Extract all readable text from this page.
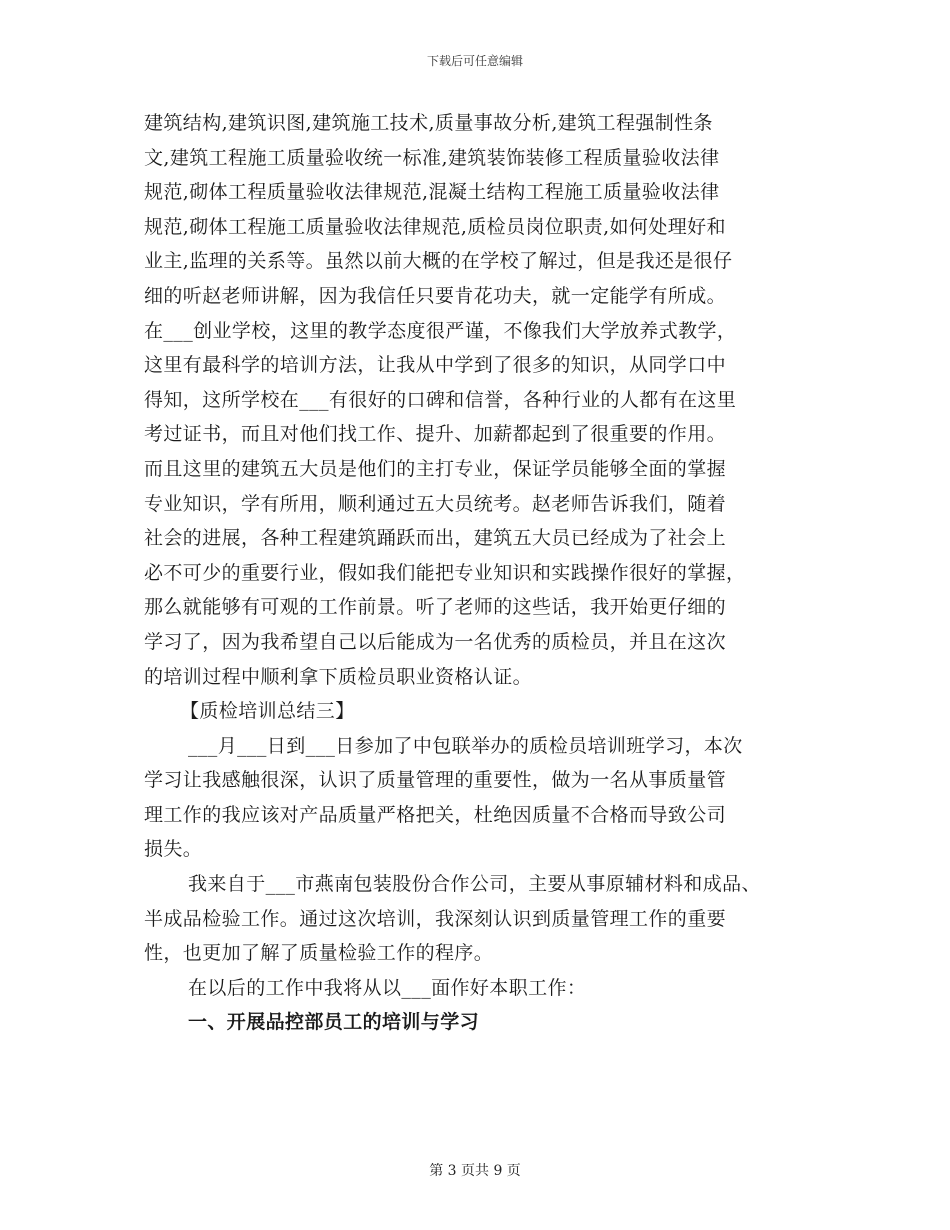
下载后可任意编辑
建筑结构,建筑识图,建筑施工技术,质量事故分析,建筑工程强制性条
文,建筑工程施工质量验收统一标准,建筑装饰装修工程质量验收法律
规范,砌体工程质量验收法律规范,混凝土结构工程施工质量验收法律
规范,砌体工程施工质量验收法律规范,质检员岗位职责,如何处理好和
业主,监理的关系等。虽然以前大概的在学校了解过，但是我还是很仔
细的听赵老师讲解，因为我信任只要肯花功夫，就一定能学有所成。
在___创业学校，这里的教学态度很严谨，不像我们大学放养式教学，
这里有最科学的培训方法，让我从中学到了很多的知识，从同学口中
得知，这所学校在___有很好的口碑和信誉，各种行业的人都有在这里
考过证书，而且对他们找工作、提升、加薪都起到了很重要的作用。
而且这里的建筑五大员是他们的主打专业，保证学员能够全面的掌握
专业知识，学有所用，顺利通过五大员统考。赵老师告诉我们，随着
社会的进展，各种工程建筑踊跃而出，建筑五大员已经成为了社会上
必不可少的重要行业，假如我们能把专业知识和实践操作很好的掌握，
那么就能够有可观的工作前景。听了老师的这些话，我开始更仔细的
学习了，因为我希望自己以后能成为一名优秀的质检员，并且在这次
的培训过程中顺利拿下质检员职业资格认证。
【质检培训总结三】
___月___日到___日参加了中包联举办的质检员培训班学习，本次
学习让我感触很深，认识了质量管理的重要性，做为一名从事质量管
理工作的我应该对产品质量严格把关，杜绝因质量不合格而导致公司
损失。
我来自于___市燕南包装股份合作公司，主要从事原辅材料和成品、
半成品检验工作。通过这次培训，我深刻认识到质量管理工作的重要
性，也更加了解了质量检验工作的程序。
在以后的工作中我将从以___面作好本职工作：
一、开展品控部员工的培训与学习
第 3 页共 9 页
